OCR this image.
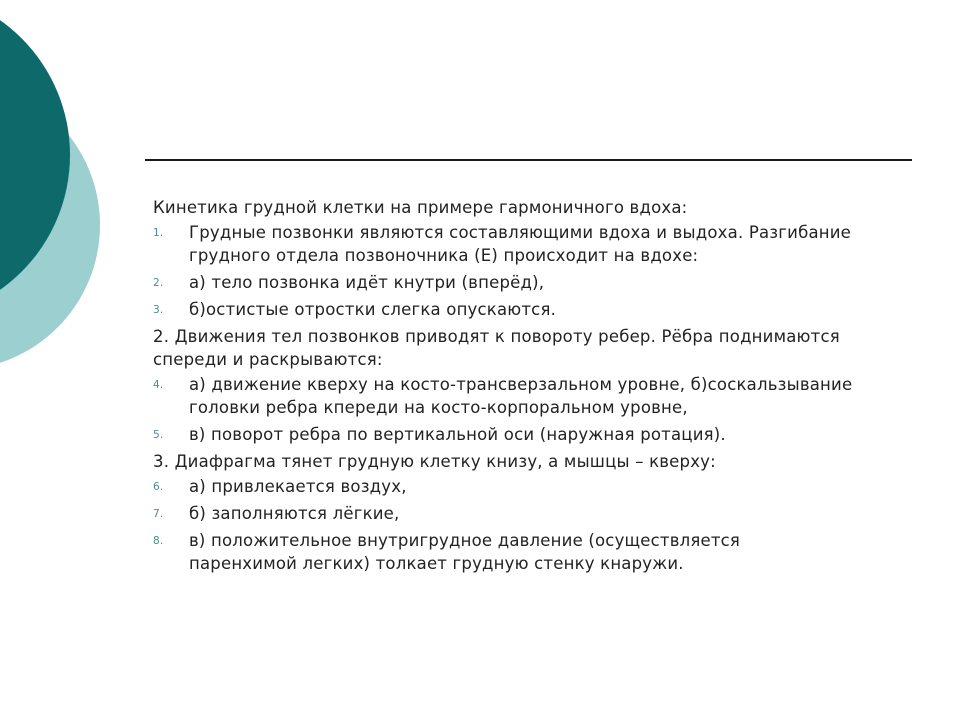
Кинетика грудной клетки на примере гармоничного вдоха:

1. Грудные позвонки являются составляющими вдоха и выдоха. Разгибание грудного отдела позвоночника (Е) происходит на вдохе:
2. а) тело позвонка идёт кнутри (вперёд),
3. б)остистые отростки слегка опускаются.

2. Движения тел позвонков приводят к повороту ребер. Рёбра поднимаются спереди и раскрываются:

4. а) движение кверху на косто-трансверзальном уровне, б)соскальзывание головки ребра кпереди на косто-корпоральном уровне,
5. в) поворот ребра по вертикальной оси (наружная ротация).

3. Диафрагма тянет грудную клетку книзу, а мышцы – кверху:

6. а) привлекается воздух,
7. б) заполняются лёгкие,
8. в) положительное внутригрудное давление (осуществляется паренхимой легких) толкает грудную стенку кнаружи.
